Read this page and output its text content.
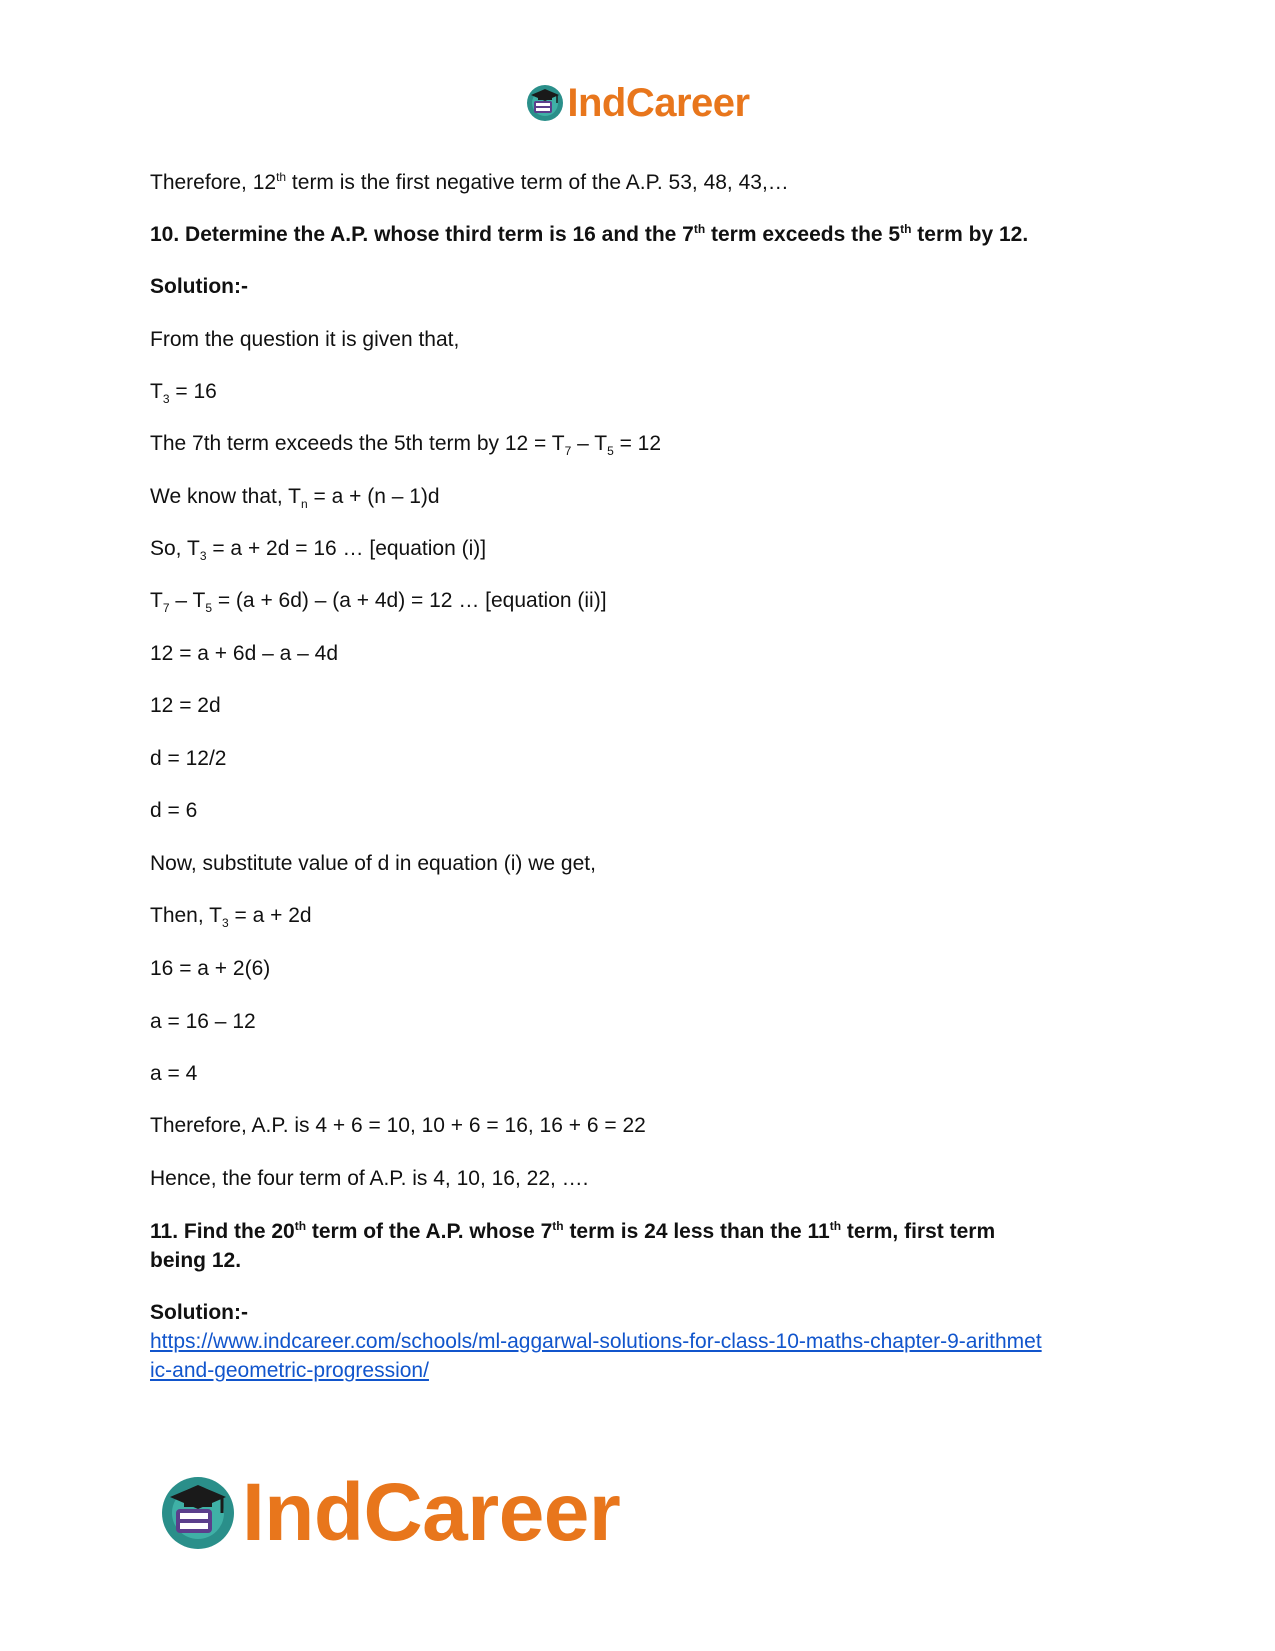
IndCareer
Therefore, 12th term is the first negative term of the A.P. 53, 48, 43,…
10. Determine the A.P. whose third term is 16 and the 7th term exceeds the 5th term by 12.
Solution:-
From the question it is given that,
$T_3 = 16$
The 7th term exceeds the 5th term by $12 = T_7 - T_5 = 12$
We know that, $T_n = a + (n - 1)d$
So, $T_3 = a + 2d = 16$ … [equation (i)]
$T_7 - T_5 = (a + 6d) - (a + 4d) = 12$ … [equation (ii)]
12 = a + 6d – a – 4d
12 = 2d
d = 12/2
d = 6
Now, substitute value of d in equation (i) we get,
Then, $T_3 = a + 2d$
16 = a + 2(6)
a = 16 – 12
a = 4
Therefore, A.P. is 4 + 6 = 10, 10 + 6 = 16, 16 + 6 = 22
Hence, the four term of A.P. is 4, 10, 16, 22, ….
11. Find the 20th term of the A.P. whose 7th term is 24 less than the 11th term, first term
being 12.
Solution:-
https://www.indcareer.com/schools/ml-aggarwal-solutions-for-class-10-maths-chapter-9-arithmet
ic-and-geometric-progression/
IndCareer
